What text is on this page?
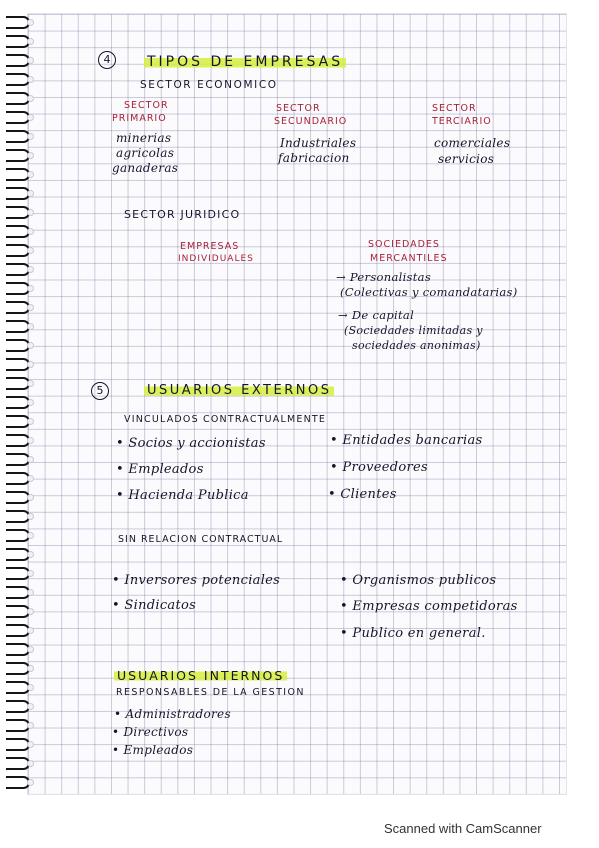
4	TIPOS DE EMPRESAS
SECTOR ECONOMICO
SECTOR
PRIMARIO
minerias
agricolas
ganaderas
SECTOR
SECUNDARIO
Industriales
fabricacion
SECTOR
TERCIARIO
comerciales
servicios
SECTOR JURIDICO
EMPRESAS
INDIVIDUALES
SOCIEDADES
MERCANTILES
→ Personalistas
(Colectivas y comandatarias)
→ De capital
(Sociedades limitadas y
sociedades anonimas)
5	USUARIOS EXTERNOS
VINCULADOS CONTRACTUALMENTE
• Socios y accionistas
• Empleados
• Hacienda Publica
• Entidades bancarias
• Proveedores
• Clientes
SIN RELACION CONTRACTUAL
• Inversores potenciales
• Sindicatos
• Organismos publicos
• Empresas competidoras
• Publico en general.
USUARIOS INTERNOS
RESPONSABLES DE LA GESTION
• Administradores
• Directivos
• Empleados
Scanned with CamScanner
